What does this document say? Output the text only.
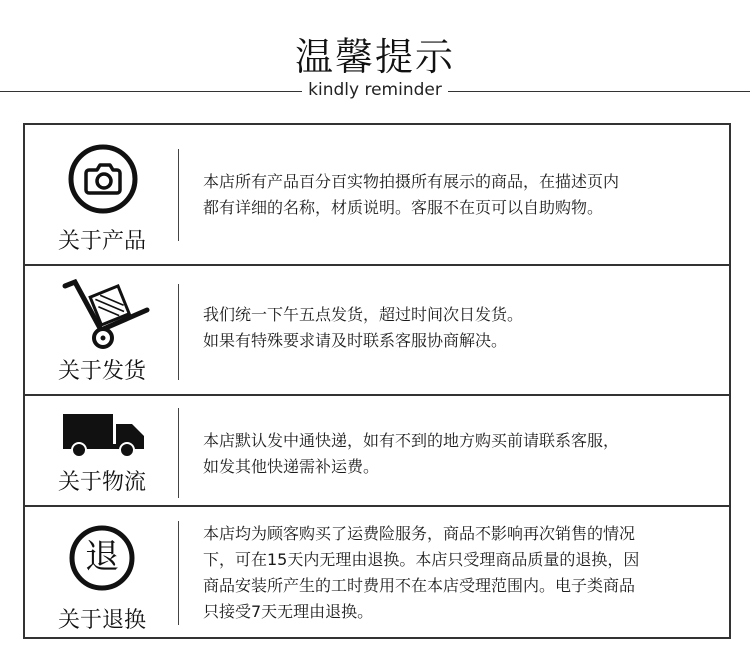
温馨提示
kindly reminder
关于产品
本店所有产品百分百实物拍摄所有展示的商品，在描述页内
都有详细的名称，材质说明。客服不在页可以自助购物。
关于发货
我们统一下午五点发货，超过时间次日发货。
如果有特殊要求请及时联系客服协商解决。
关于物流
本店默认发中通快递，如有不到的地方购买前请联系客服，
如发其他快递需补运费。
退
关于退换
本店均为顾客购买了运费险服务，商品不影响再次销售的情况
下，可在15天内无理由退换。本店只受理商品质量的退换，因
商品安装所产生的工时费用不在本店受理范围内。电子类商品
只接受7天无理由退换。
